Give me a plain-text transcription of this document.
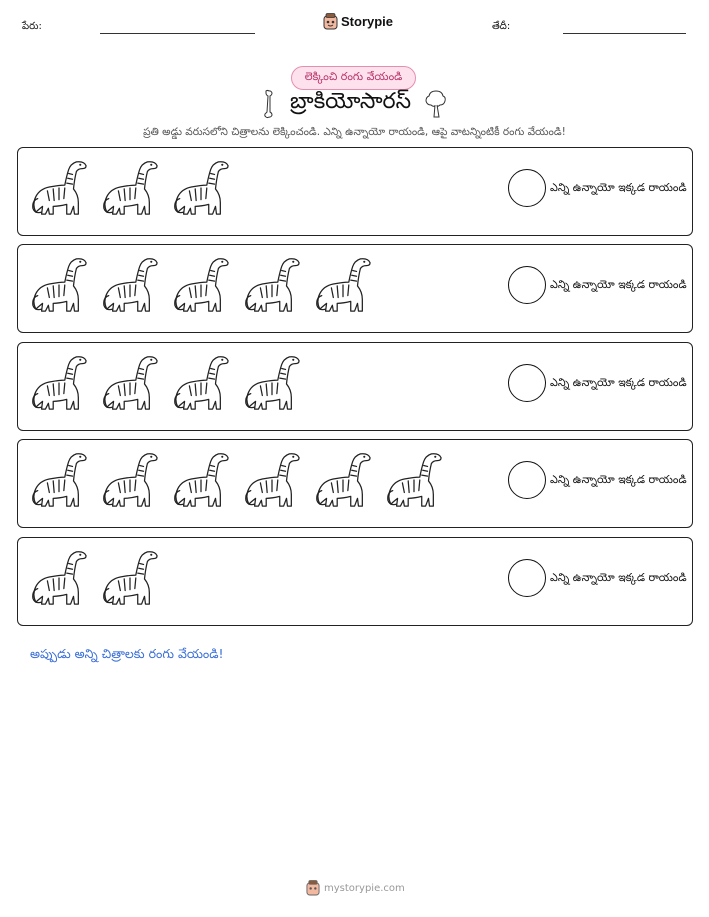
పేరు:	Storypie	తేదీ:
లెక్కించి రంగు వేయండి
బ్రాకియోసారస్
ప్రతి అడ్డు వరుసలోని చిత్రాలను లెక్కించండి. ఎన్ని ఉన్నాయో రాయండి, ఆపై వాటన్నింటికీ రంగు వేయండి!
ఎన్ని ఉన్నాయో ఇక్కడ రాయండి
ఎన్ని ఉన్నాయో ఇక్కడ రాయండి
ఎన్ని ఉన్నాయో ఇక్కడ రాయండి
ఎన్ని ఉన్నాయో ఇక్కడ రాయండి
ఎన్ని ఉన్నాయో ఇక్కడ రాయండి
అప్పుడు అన్ని చిత్రాలకు రంగు వేయండి!
mystorypie.com
